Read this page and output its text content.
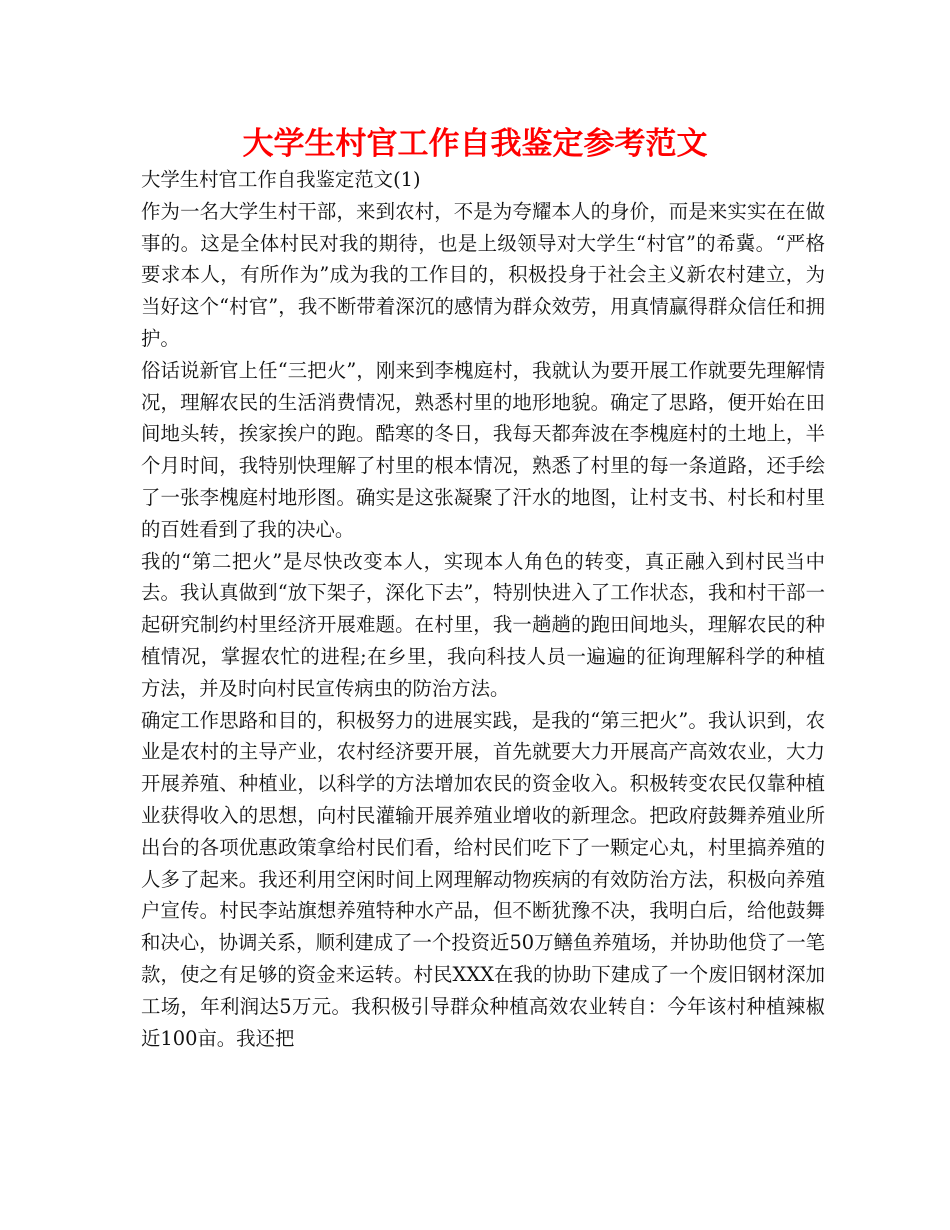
大学生村官工作自我鉴定参考范文

大学生村官工作自我鉴定范文(1)

作为一名大学生村干部，来到农村，不是为夸耀本人的身价，而是来实实在在做事的。这是全体村民对我的期待，也是上级领导对大学生“村官”的希冀。“严格要求本人，有所作为”成为我的工作目的，积极投身于社会主义新农村建立，为当好这个“村官”，我不断带着深沉的感情为群众效劳，用真情赢得群众信任和拥护。

俗话说新官上任“三把火”，刚来到李槐庭村，我就认为要开展工作就要先理解情况，理解农民的生活消费情况，熟悉村里的地形地貌。确定了思路，便开始在田间地头转，挨家挨户的跑。酷寒的冬日，我每天都奔波在李槐庭村的土地上，半个月时间，我特别快理解了村里的根本情况，熟悉了村里的每一条道路，还手绘了一张李槐庭村地形图。确实是这张凝聚了汗水的地图，让村支书、村长和村里的百姓看到了我的决心。

我的“第二把火”是尽快改变本人，实现本人角色的转变，真正融入到村民当中去。我认真做到“放下架子，深化下去”，特别快进入了工作状态，我和村干部一起研究制约村里经济开展难题。在村里，我一趟趟的跑田间地头，理解农民的种植情况，掌握农忙的进程;在乡里，我向科技人员一遍遍的征询理解科学的种植方法，并及时向村民宣传病虫的防治方法。

确定工作思路和目的，积极努力的进展实践，是我的“第三把火”。我认识到，农业是农村的主导产业，农村经济要开展，首先就要大力开展高产高效农业，大力开展养殖、种植业，以科学的方法增加农民的资金收入。积极转变农民仅靠种植业获得收入的思想，向村民灌输开展养殖业增收的新理念。把政府鼓舞养殖业所出台的各项优惠政策拿给村民们看，给村民们吃下了一颗定心丸，村里搞养殖的人多了起来。我还利用空闲时间上网理解动物疾病的有效防治方法，积极向养殖户宣传。村民李站旗想养殖特种水产品，但不断犹豫不决，我明白后，给他鼓舞和决心，协调关系，顺利建成了一个投资近50万鳝鱼养殖场，并协助他贷了一笔款，使之有足够的资金来运转。村民XXX在我的协助下建成了一个废旧钢材深加工场，年利润达5万元。我积极引导群众种植高效农业转自：今年该村种植辣椒近100亩。我还把
